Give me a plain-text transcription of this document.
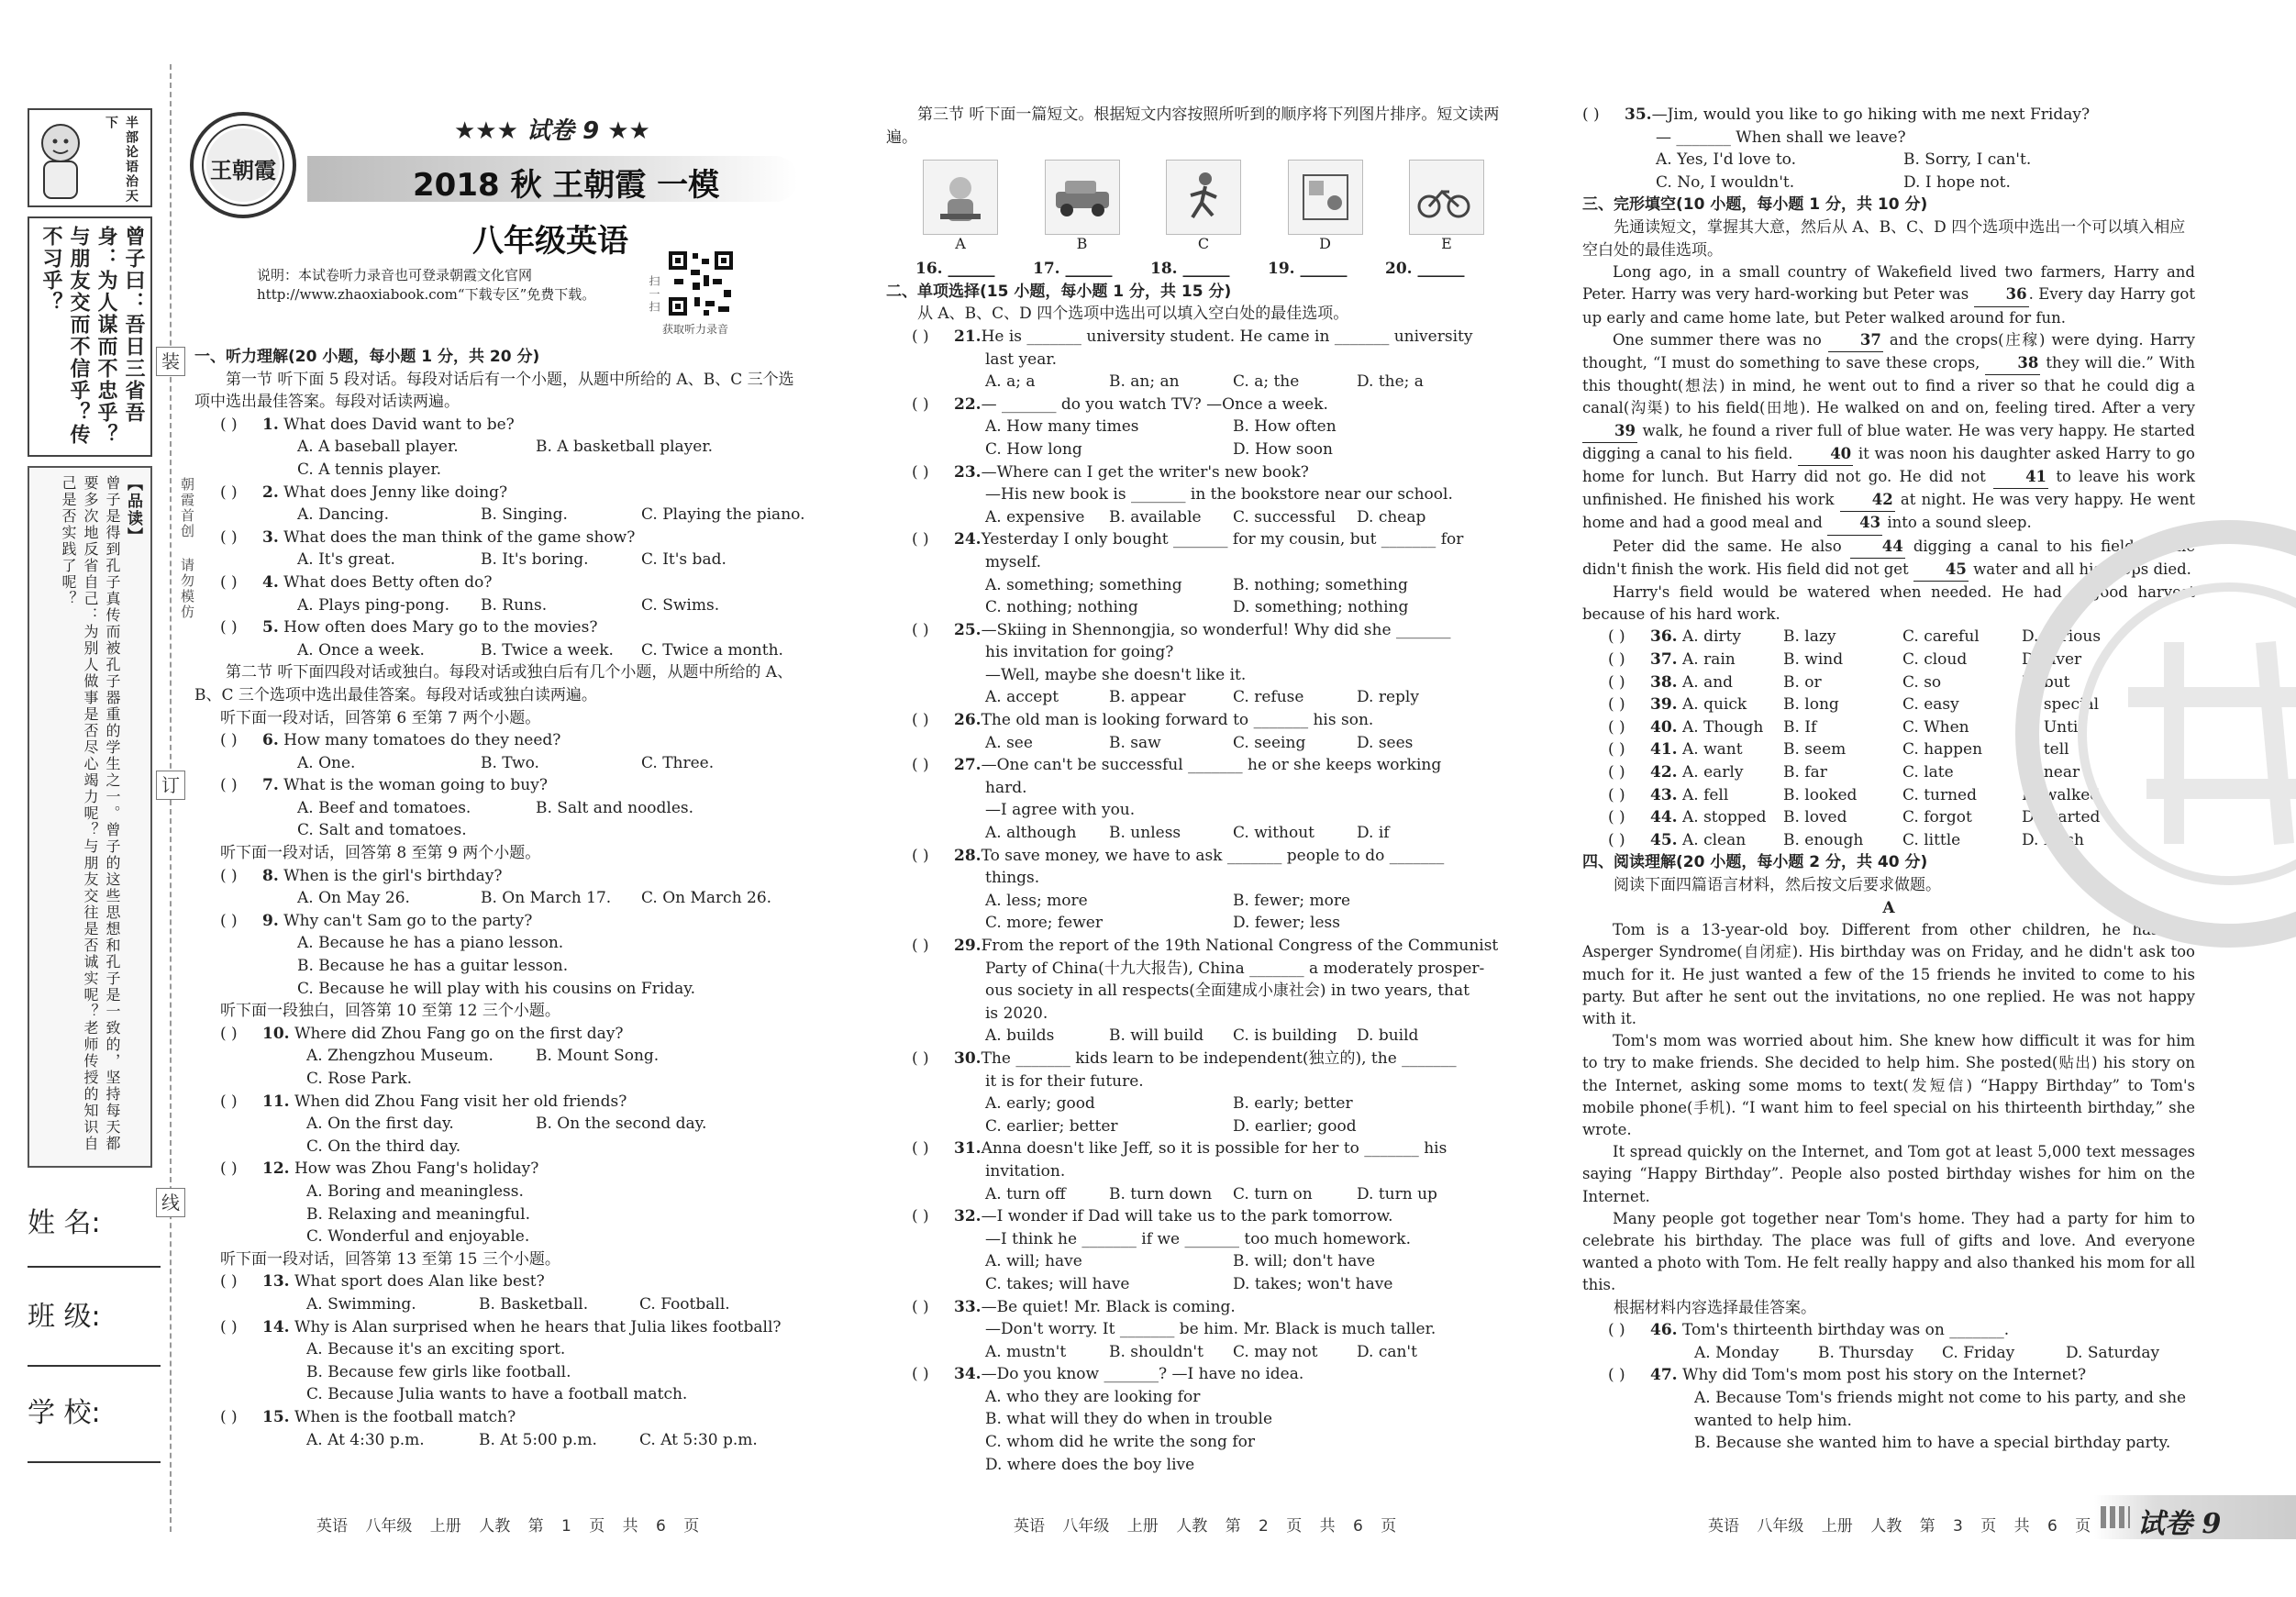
半部论语治天下
曾子曰：吾日三省吾身：为人谋而不忠乎？与朋友交而不信乎？传不习乎？
【品读】
曾子是得到孔子真传而被孔子器重的学生之一。曾子的这些思想和孔子是一致的，坚持每天都要多次地反省自己：为别人做事是否尽心竭力呢？与朋友交往是否诚实呢？老师传授的知识自己是否实践了呢？
装
订
线
朝霞首创 请勿模仿
姓 名:
班 级:
学 校:
王朝霞
★★★ 试卷 9 ★★
2018 秋 王朝霞 一模
八年级英语
说明：本试卷听力录音也可登录朝霞文化官网 http://www.zhaoxiabook.com“下载专区”免费下载。	扫一扫
获取听力录音
一、听力理解(20 小题，每小题 1 分，共 20 分)
第一节 听下面 5 段对话。每段对话后有一个小题，从题中所给的 A、B、C 三个选项中选出最佳答案。每段对话读两遍。
( ) 1. What does David want to be?
A. A baseball player.	B. A basketball player.
C. A tennis player.
( ) 2. What does Jenny like doing?
A. Dancing.	B. Singing.	C. Playing the piano.
( ) 3. What does the man think of the game show?
A. It's great.	B. It's boring.	C. It's bad.
( ) 4. What does Betty often do?
A. Plays ping-pong. B. Runs.	C. Swims.
( ) 5. How often does Mary go to the movies?
A. Once a week.	B. Twice a week. C. Twice a month.
第二节 听下面四段对话或独白。每段对话或独白后有几个小题，从题中所给的 A、B、C 三个选项中选出最佳答案。每段对话或独白读两遍。
听下面一段对话，回答第 6 至第 7 两个小题。
( ) 6. How many tomatoes do they need?
A. One.	B. Two.	C. Three.
( ) 7. What is the woman going to buy?
A. Beef and tomatoes.	B. Salt and noodles.
C. Salt and tomatoes.
听下面一段对话，回答第 8 至第 9 两个小题。
( ) 8. When is the girl's birthday?
A. On May 26.	B. On March 17. C. On March 26.
( ) 9. Why can't Sam go to the party?
A. Because he has a piano lesson.
B. Because he has a guitar lesson.
C. Because he will play with his cousins on Friday.
听下面一段独白，回答第 10 至第 12 三个小题。
( ) 10. Where did Zhou Fang go on the first day?
A. Zhengzhou Museum.	B. Mount Song.
C. Rose Park.
( ) 11. When did Zhou Fang visit her old friends?
A. On the first day.	B. On the second day.
C. On the third day.
( ) 12. How was Zhou Fang's holiday?
A. Boring and meaningless.
B. Relaxing and meaningful.
C. Wonderful and enjoyable.
听下面一段对话，回答第 13 至第 15 三个小题。
( ) 13. What sport does Alan like best?
A. Swimming.	B. Basketball.	C. Football.
( ) 14. Why is Alan surprised when he hears that Julia likes football?
A. Because it's an exciting sport.
B. Because few girls like football.
C. Because Julia wants to have a football match.
( ) 15. When is the football match?
A. At 4:30 p.m.	B. At 5:00 p.m.	C. At 5:30 p.m.
英语 八年级 上册 人教 第 1 页 共 6 页
第三节 听下面一篇短文。根据短文内容按照所听到的顺序将下列图片排序。短文读两遍。
A	B	C	D	E
16. ______	17. ______	18. ______	19. ______	20. ______
二、单项选择(15 小题，每小题 1 分，共 15 分)
从 A、B、C、D 四个选项中选出可以填入空白处的最佳选项。
( ) 21.He is _______ university student. He came in _______ university
last year.
A. a; a	B. an; an	C. a; the	D. the; a
( ) 22.— _______ do you watch TV? —Once a week.
A. How many times	B. How often
C. How long	D. How soon
( ) 23.—Where can I get the writer's new book?
—His new book is _______ in the bookstore near our school.
A. expensive B. available C. successful D. cheap
( ) 24.Yesterday I only bought _______ for my cousin, but _______ for
myself.
A. something; something	B. nothing; something
C. nothing; nothing	D. something; nothing
( ) 25.—Skiing in Shennongjia, so wonderful! Why did she _______
his invitation for going?
—Well, maybe she doesn't like it.
A. accept	B. appear	C. refuse	D. reply
( ) 26.The old man is looking forward to _______ his son.
A. see	B. saw	C. seeing	D. sees
( ) 27.—One can't be successful _______ he or she keeps working
hard.
—I agree with you.
A. although B. unless	C. without	D. if
( ) 28.To save money, we have to ask _______ people to do _______
things.
A. less; more	B. fewer; more
C. more; fewer	D. fewer; less
( ) 29.From the report of the 19th National Congress of the Communist
Party of China(十九大报告), China _______ a moderately prosper-
ous society in all respects(全面建成小康社会) in two years, that
is 2020.
A. builds	B. will build C. is building D. build
( ) 30.The _______ kids learn to be independent(独立的), the _______
it is for their future.
A. early; good	B. early; better
C. earlier; better	D. earlier; good
( ) 31.Anna doesn't like Jeff, so it is possible for her to _______ his
invitation.
A. turn off	B. turn down C. turn on	D. turn up
( ) 32.—I wonder if Dad will take us to the park tomorrow.
—I think he _______ if we _______ too much homework.
A. will; have	B. will; don't have
C. takes; will have	D. takes; won't have
( ) 33.—Be quiet! Mr. Black is coming.
—Don't worry. It _______ be him. Mr. Black is much taller.
A. mustn't	B. shouldn't C. may not	D. can't
( ) 34.—Do you know _______? —I have no idea.
A. who they are looking for
B. what will they do when in trouble
C. whom did he write the song for
D. where does the boy live
英语 八年级 上册 人教 第 2 页 共 6 页
( ) 35.—Jim, would you like to go hiking with me next Friday?
— _______ When shall we leave?
A. Yes, I'd love to.	B. Sorry, I can't.
C. No, I wouldn't.	D. I hope not.
三、完形填空(10 小题，每小题 1 分，共 10 分)
先通读短文，掌握其大意，然后从 A、B、C、D 四个选项中选出一个可以填入相应空白处的最佳选项。

Long ago, in a small country of Wakefield lived two farmers, Harry and Peter. Harry was very hard-working but Peter was 36 . Every day Harry got up early and came home late, but Peter walked around for fun.

One summer there was no 37 and the crops(庄稼) were dying. Harry thought, “I must do something to save these crops, 38 they will die.” With this thought(想法) in mind, he went out to find a river so that he could dig a canal(沟渠) to his field(田地). He walked on and on, feeling tired. After a very 39 walk, he found a river full of blue water. He was very happy. He started digging a canal to his field. 40 it was noon his daughter asked Harry to go home for lunch. But Harry did not go. He did not 41 to leave his work unfinished. He finished his work 42 at night. He was very happy. He went home and had a good meal and 43 into a sound sleep.

Peter did the same. He also 44 digging a canal to his field but he didn't finish the work. His field did not get 45 water and all his crops died.

Harry's field would be watered when needed. He had a good harvest because of his hard work.

( ) 36. A. dirty	B. lazy	C. careful	D. serious
( ) 37. A. rain	B. wind	C. cloud	D. river
( ) 38. A. and	B. or	C. so	D. but
( ) 39. A. quick B. long	C. easy	D. special
( ) 40. A. Though B. If	C. When	D. Until
( ) 41. A. want	B. seem	C. happen	D. tell
( ) 42. A. early	B. far	C. late	D. near
( ) 43. A. fell	B. looked	C. turned	D. walked
( ) 44. A. stopped B. loved	C. forgot	D. started
( ) 45. A. clean B. enough	C. little	D. fresh
四、阅读理解(20 小题，每小题 2 分，共 40 分)
阅读下面四篇语言材料，然后按文后要求做题。
A

Tom is a 13-year-old boy. Different from other children, he has the Asperger Syndrome(自闭症). His birthday was on Friday, and he didn't ask too much for it. He just wanted a few of the 15 friends he invited to come to his party. But after he sent out the invitations, no one replied. He was not happy with it.

Tom's mom was worried about him. She knew how difficult it was for him to try to make friends. She decided to help him. She posted(贴出) his story on the Internet, asking some moms to text(发短信) “Happy Birthday” to Tom's mobile phone(手机). “I want him to feel special on his thirteenth birthday,” she wrote.

It spread quickly on the Internet, and Tom got at least 5,000 text messages saying “Happy Birthday”. People also posted birthday wishes for him on the Internet.

Many people got together near Tom's home. They had a party for him to celebrate his birthday. The place was full of gifts and love. And everyone wanted a photo with Tom. He felt really happy and also thanked his mom for all this.

根据材料内容选择最佳答案。
( ) 46. Tom's thirteenth birthday was on _______.
A. Monday	B. Thursday C. Friday	D. Saturday
( ) 47. Why did Tom's mom post his story on the Internet?
A. Because Tom's friends might not come to his party, and she wanted to help him.
B. Because she wanted him to have a special birthday party.
英语 八年级 上册 人教 第 3 页 共 6 页 试卷 9
